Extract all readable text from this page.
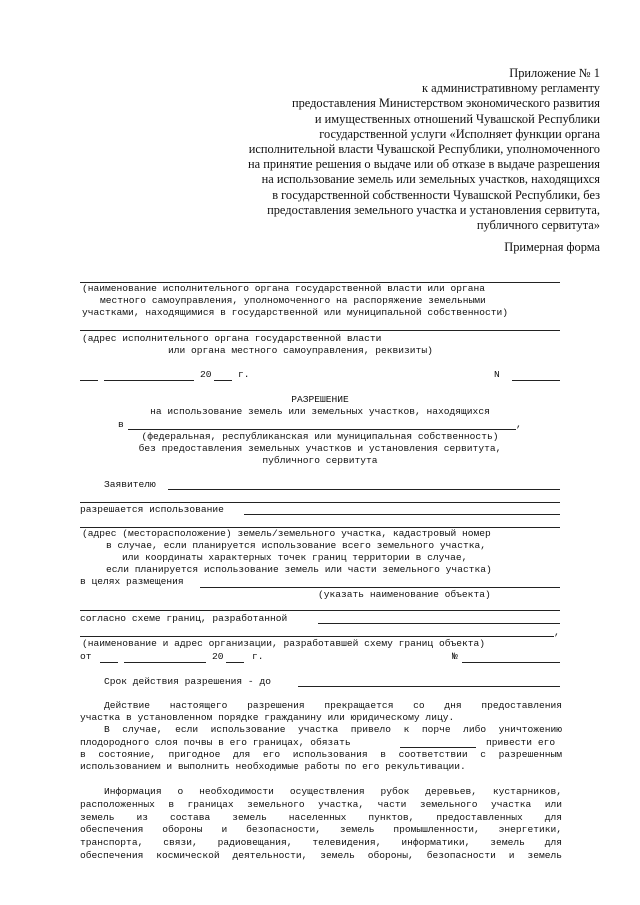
Приложение № 1
к административному регламенту
предоставления Министерством экономического развития
и имущественных отношений Чувашской Республики
государственной услуги «Исполняет функции органа
исполнительной власти Чувашской Республики, уполномоченного
на принятие решения о выдаче или об отказе в выдаче разрешения
на использование земель или земельных участков, находящихся
в государственной собственности Чувашской Республики, без
предоставления земельного участка и установления сервитута,
публичного сервитута»
Примерная форма
(наименование исполнительного органа государственной власти или органа
местного самоуправления, уполномоченного на распоряжение земельными
участками, находящимися в государственной или муниципальной собственности)
(адрес исполнительного органа государственной власти
или органа местного самоуправления, реквизиты)
20	г.	N
РАЗРЕШЕНИЕ
на использование земель или земельных участков, находящихся
в	,
(федеральная, республиканская или муниципальная собственность)
без предоставления земельных участков и установления сервитута,
публичного сервитута
Заявителю
разрешается использование
(адрес (месторасположение) земель/земельного участка, кадастровый номер
в случае, если планируется использование всего земельного участка,
или координаты характерных точек границ территории в случае,
если планируется использование земель или части земельного участка)
в целях размещения
(указать наименование объекта)
согласно схеме границ, разработанной
,
(наименование и адрес организации, разработавшей схему границ объекта)
от	20	г.	№
Срок действия разрешения - до
Действие настоящего разрешения прекращается со дня предоставления
участка в установленном порядке гражданину или юридическому лицу.
В случае, если использование участка привело к порче либо уничтожению
плодородного слоя почвы в его границах, обязать	привести его
в состояние, пригодное для его использования в соответствии с разрешенным
использованием и выполнить необходимые работы по его рекультивации.
Информация о необходимости осуществления рубок деревьев, кустарников,
расположенных в границах земельного участка, части земельного участка или
земель из состава земель населенных пунктов, предоставленных для
обеспечения обороны и безопасности, земель промышленности, энергетики,
транспорта, связи, радиовещания, телевидения, информатики, земель для
обеспечения космической деятельности, земель обороны, безопасности и земель
